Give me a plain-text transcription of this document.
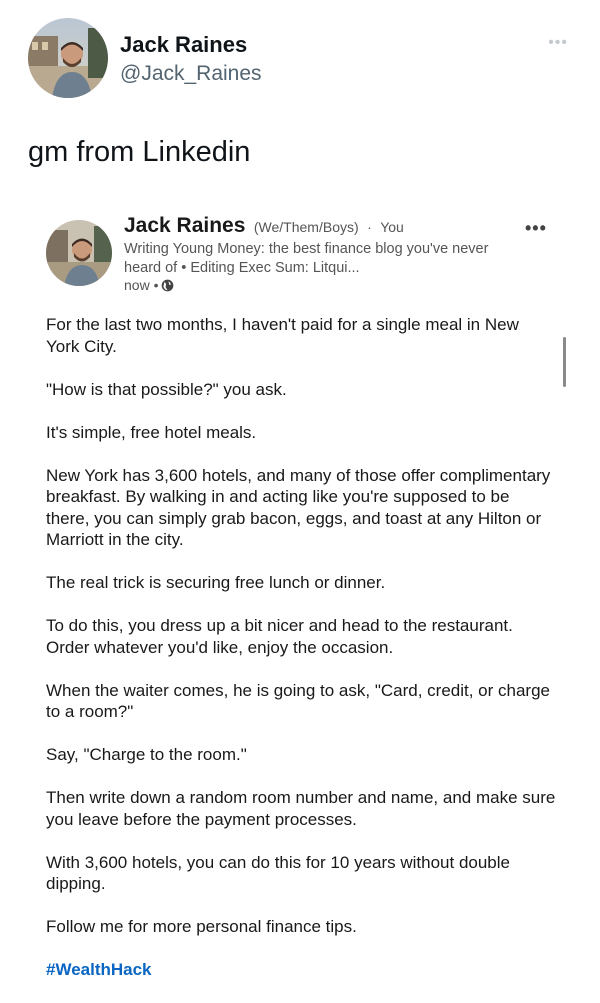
Jack Raines
@Jack_Raines
•••
gm from Linkedin
Jack Raines (We/Them/Boys) · You
Writing Young Money: the best finance blog you've never heard of • Editing Exec Sum: Litqui...
now •
•••

For the last two months, I haven't paid for a single meal in New York City.

"How is that possible?" you ask.

It's simple, free hotel meals.

New York has 3,600 hotels, and many of those offer complimentary breakfast. By walking in and acting like you're supposed to be there, you can simply grab bacon, eggs, and toast at any Hilton or Marriott in the city.

The real trick is securing free lunch or dinner.

To do this, you dress up a bit nicer and head to the restaurant. Order whatever you'd like, enjoy the occasion.

When the waiter comes, he is going to ask, "Card, credit, or charge to a room?"

Say, "Charge to the room."

Then write down a random room number and name, and make sure you leave before the payment processes.

With 3,600 hotels, you can do this for 10 years without double dipping.

Follow me for more personal finance tips.

#WealthHack
